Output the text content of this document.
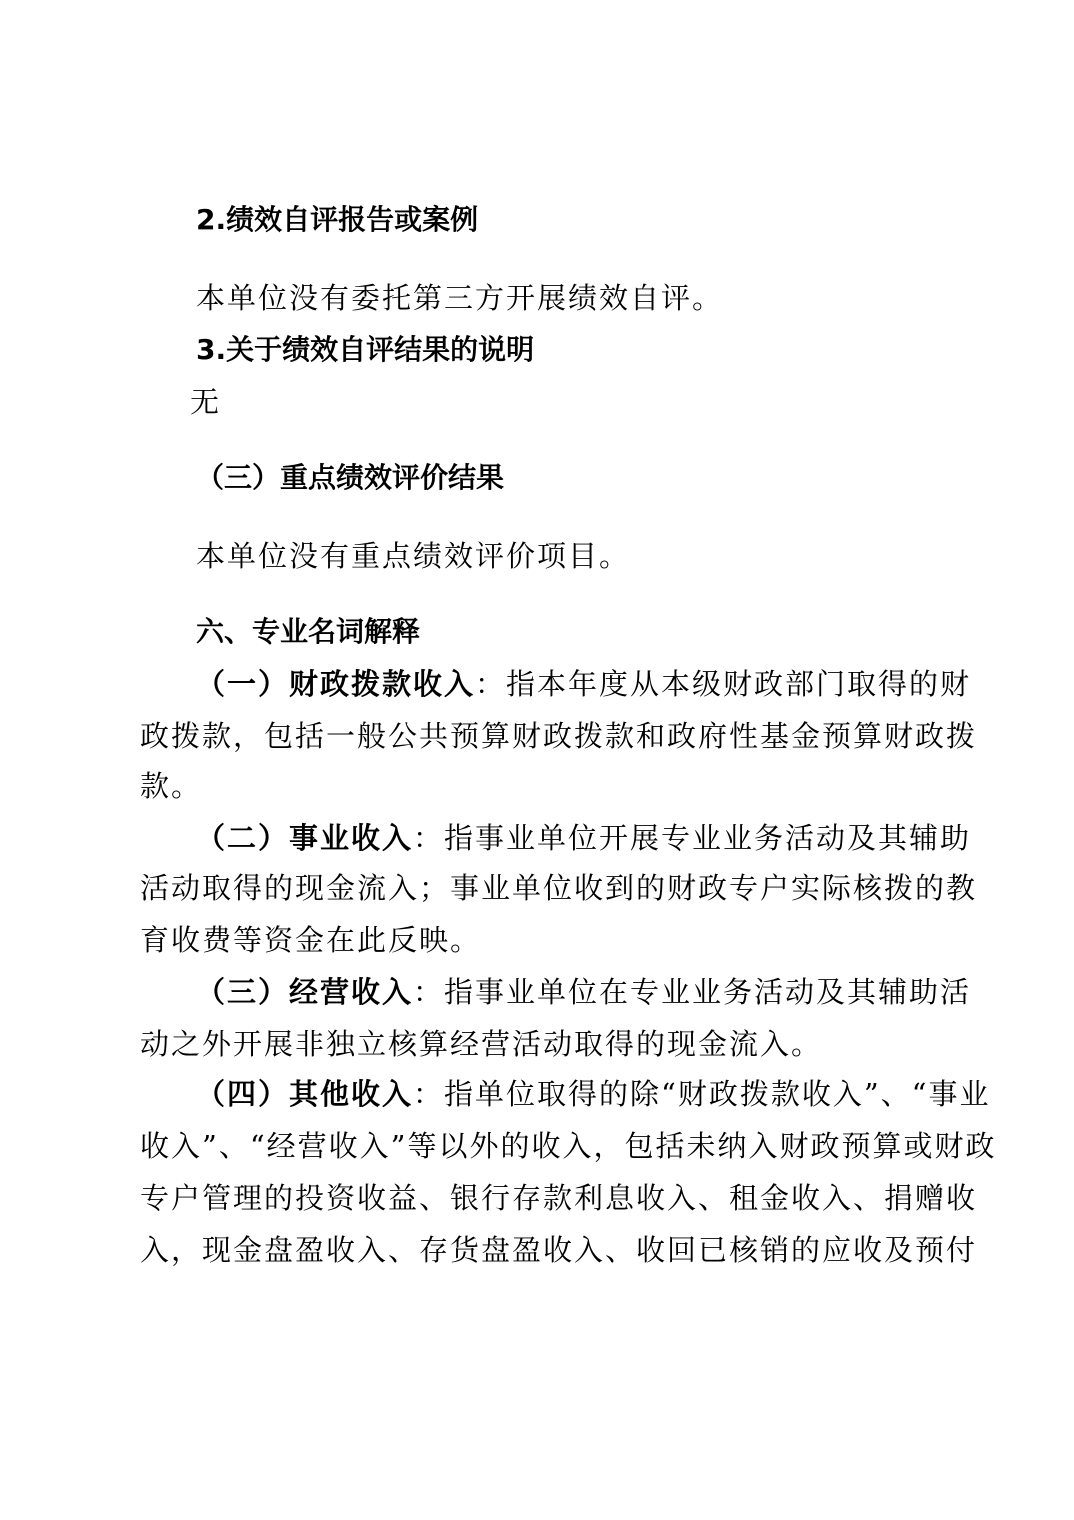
2.绩效自评报告或案例
本单位没有委托第三方开展绩效自评。
3.关于绩效自评结果的说明
无
（三）重点绩效评价结果
本单位没有重点绩效评价项目。
六、专业名词解释
（一）财政拨款收入：指本年度从本级财政部门取得的财
政拨款，包括一般公共预算财政拨款和政府性基金预算财政拨
款。
（二）事业收入：指事业单位开展专业业务活动及其辅助
活动取得的现金流入；事业单位收到的财政专户实际核拨的教
育收费等资金在此反映。
（三）经营收入：指事业单位在专业业务活动及其辅助活
动之外开展非独立核算经营活动取得的现金流入。
（四）其他收入：指单位取得的除“财政拨款收入”、“事业
收入”、“经营收入”等以外的收入，包括未纳入财政预算或财政
专户管理的投资收益、银行存款利息收入、租金收入、捐赠收
入，现金盘盈收入、存货盘盈收入、收回已核销的应收及预付
